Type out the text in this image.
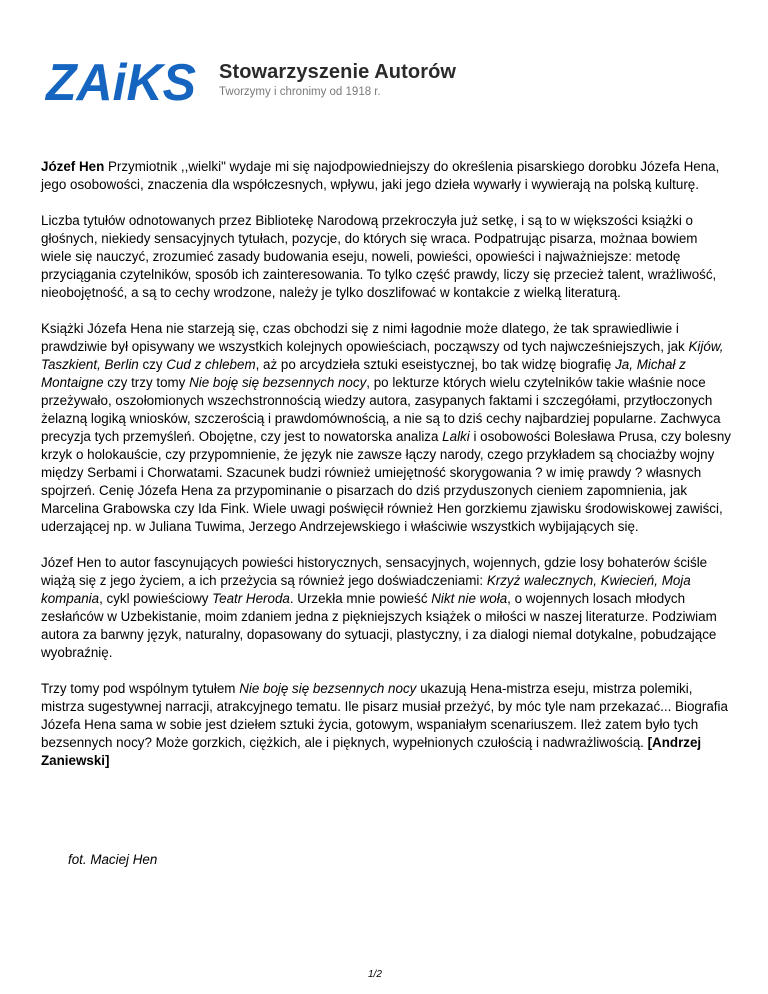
ZAiKS Stowarzyszenie Autorów
Tworzymy i chronimy od 1918 r.

Józef Hen Przymiotnik ,,wielki" wydaje mi się najodpowiedniejszy do określenia pisarskiego dorobku Józefa Hena, jego osobowości, znaczenia dla współczesnych, wpływu, jaki jego dzieła wywarły i wywierają na polską kulturę.

Liczba tytułów odnotowanych przez Bibliotekę Narodową przekroczyła już setkę, i są to w większości książki o głośnych, niekiedy sensacyjnych tytułach, pozycje, do których się wraca. Podpatrując pisarza, możnaa bowiem wiele się nauczyć, zrozumieć zasady budowania eseju, noweli, powieści, opowieści i najważniejsze: metodę przyciągania czytelników, sposób ich zainteresowania. To tylko część prawdy, liczy się przecież talent, wrażliwość, nieobojętność, a są to cechy wrodzone, należy je tylko doszlifować w kontakcie z wielką literaturą.

Książki Józefa Hena nie starzeją się, czas obchodzi się z nimi łagodnie może dlatego, że tak sprawiedliwie i prawdziwie był opisywany we wszystkich kolejnych opowieściach, począwszy od tych najwcześniejszych, jak Kijów, Taszkient, Berlin czy Cud z chlebem, aż po arcydzieła sztuki eseistycznej, bo tak widzę biografię Ja, Michał z Montaigne czy trzy tomy Nie boję się bezsennych nocy, po lekturze których wielu czytelników takie właśnie noce przeżywało, oszołomionych wszechstronnością wiedzy autora, zasypanych faktami i szczegółami, przytłoczonych żelazną logiką wniosków, szczerością i prawdomównością, a nie są to dziś cechy najbardziej popularne. Zachwyca precyzja tych przemyśleń. Obojętne, czy jest to nowatorska analiza Lalki i osobowości Bolesława Prusa, czy bolesny krzyk o holokauście, czy przypomnienie, że język nie zawsze łączy narody, czego przykładem są chociażby wojny między Serbami i Chorwatami. Szacunek budzi również umiejętność skorygowania ? w imię prawdy ? własnych spojrzeń. Cenię Józefa Hena za przypominanie o pisarzach do dziś przyduszonych cieniem zapomnienia, jak Marcelina Grabowska czy Ida Fink. Wiele uwagi poświęcił również Hen gorzkiemu zjawisku środowiskowej zawiści, uderzającej np. w Juliana Tuwima, Jerzego Andrzejewskiego i właściwie wszystkich wybijających się.

Józef Hen to autor fascynujących powieści historycznych, sensacyjnych, wojennych, gdzie losy bohaterów ściśle wiążą się z jego życiem, a ich przeżycia są również jego doświadczeniami: Krzyż walecznych, Kwiecień, Moja kompania, cykl powieściowy Teatr Heroda. Urzekła mnie powieść Nikt nie woła, o wojennych losach młodych zesłańców w Uzbekistanie, moim zdaniem jedna z piękniejszych książek o miłości w naszej literaturze. Podziwiam autora za barwny język, naturalny, dopasowany do sytuacji, plastyczny, i za dialogi niemal dotykalne, pobudzające wyobraźnię.

Trzy tomy pod wspólnym tytułem Nie boję się bezsennych nocy ukazują Hena-mistrza eseju, mistrza polemiki, mistrza sugestywnej narracji, atrakcyjnego tematu. Ile pisarz musiał przeżyć, by móc tyle nam przekazać... Biografia Józefa Hena sama w sobie jest dziełem sztuki życia, gotowym, wspaniałym scenariuszem. Ileż zatem było tych bezsennych nocy? Może gorzkich, ciężkich, ale i pięknych, wypełnionych czułością i nadwrażliwością. [Andrzej Zaniewski]

fot. Maciej Hen
1/2
